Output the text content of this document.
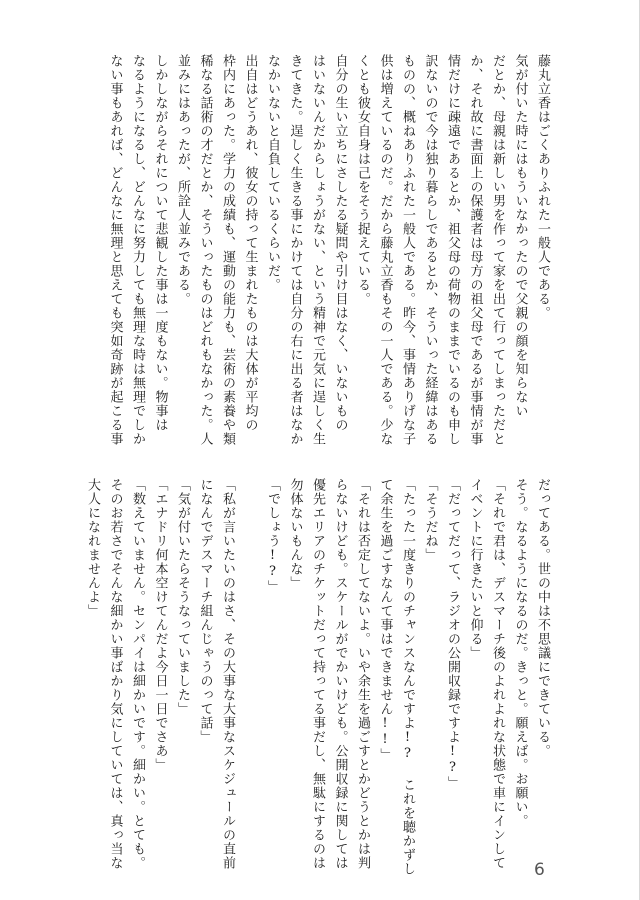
藤丸立香はごくありふれた一般人である。
気が付いた時にはもういなかったので父親の顔を知らない
だとか、母親は新しい男を作って家を出て行ってしまっただと
か、それ故に書面上の保護者は母方の祖父母であるが事情が事
情だけに疎遠であるとか、祖父母の荷物のままでいるのも申し
訳ないので今は独り暮らしであるとか、そういった経緯はある
ものの、概ねありふれた一般人である。昨今、事情ありげな子
供は増えているのだ。だから藤丸立香もその一人である。少な
くとも彼女自身は己をそう捉えている。
自分の生い立ちにさしたる疑問や引け目はなく、いないもの
はいないんだからしょうがない、という精神で元気に逞しく生
きてきた。逞しく生きる事にかけては自分の右に出る者はなか
なかいないと自負しているくらいだ。
出自はどうあれ、彼女の持って生まれたものは大体が平均の
枠内にあった。学力の成績も、運動の能力も、芸術の素養や類
稀なる話術の才だとか、そういったものはどれもなかった。人
並みにはあったが、所詮人並みである。
しかしながらそれについて悲観した事は一度もない。物事は
なるようになるし、どんなに努力しても無理な時は無理でしか
ない事もあれば、どんなに無理と思えても突如奇跡が起こる事
だってある。世の中は不思議にできている。
そう。なるようになるのだ。きっと。願えば。お願い。
「それで君は、デスマーチ後のよれよれな状態で車にインして
イベントに行きたいと仰る」
「だってだって、ラジオの公開収録ですよ!?」
「そうだね」
「たった一度きりのチャンスなんですよ!? これを聴かずし
て余生を過ごすなんて事はできません!!」
「それは否定してないよ。いや余生を過ごすとかどうとかは判
らないけども。スケールがでかいけども。公開収録に関しては
優先エリアのチケットだって持ってる事だし、無駄にするのは
勿体ないもんな」
「でしょう!?」
「私が言いたいのはさ、その大事な大事なスケジュールの直前
になんでデスマーチ組んじゃうのって話」
「気が付いたらそうなっていました」
「エナドリ何本空けてんだよ今日一日でさあ」
「数えていません。センパイは細かいです。細かい。とても。
そのお若さでそんな細かい事ばかり気にしていては、真っ当な
大人になれませんよ」
6
